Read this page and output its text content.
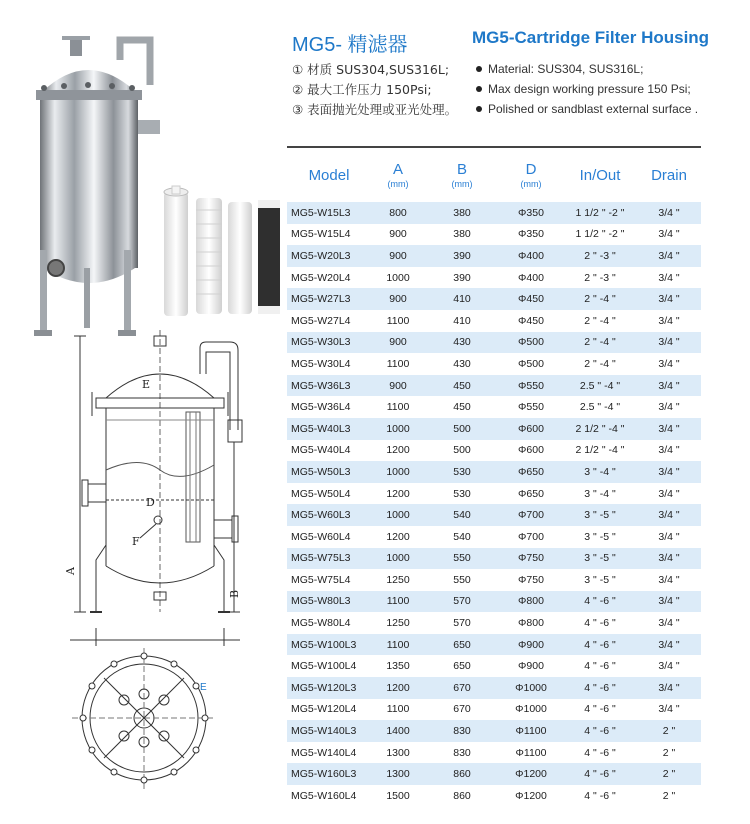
E
D
F
A
B
E
MG5- 精滤器	MG5-Cartridge Filter Housing
① 材质 SUS304,SUS316L;
② 最大工作压力 150Psi;
③ 表面抛光处理或亚光处理。
Material: SUS304, SUS316L;
Max design working pressure 150 Psi;
Polished or sandblast external surface .
Model	A
(mm)
B
(mm)
D
(mm)
In/Out	Drain
MG5-W15L3	800	380	Φ350	1 1/2 " -2 "	3/4 "
MG5-W15L4	900	380	Φ350	1 1/2 " -2 "	3/4 "
MG5-W20L3	900	390	Φ400	2 " -3 "	3/4 "
MG5-W20L4	1000	390	Φ400	2 " -3 "	3/4 "
MG5-W27L3	900	410	Φ450	2 " -4 "	3/4 "
MG5-W27L4	1100	410	Φ450	2 " -4 "	3/4 "
MG5-W30L3	900	430	Φ500	2 " -4 "	3/4 "
MG5-W30L4	1100	430	Φ500	2 " -4 "	3/4 "
MG5-W36L3	900	450	Φ550	2.5 " -4 "	3/4 "
MG5-W36L4	1100	450	Φ550	2.5 " -4 "	3/4 "
MG5-W40L3	1000	500	Φ600	2 1/2 " -4 "	3/4 "
MG5-W40L4	1200	500	Φ600	2 1/2 " -4 "	3/4 "
MG5-W50L3	1000	530	Φ650	3 " -4 "	3/4 "
MG5-W50L4	1200	530	Φ650	3 " -4 "	3/4 "
MG5-W60L3	1000	540	Φ700	3 " -5 "	3/4 "
MG5-W60L4	1200	540	Φ700	3 " -5 "	3/4 "
MG5-W75L3	1000	550	Φ750	3 " -5 "	3/4 "
MG5-W75L4	1250	550	Φ750	3 " -5 "	3/4 "
MG5-W80L3	1100	570	Φ800	4 " -6 "	3/4 "
MG5-W80L4	1250	570	Φ800	4 " -6 "	3/4 "
MG5-W100L3	1100	650	Φ900	4 " -6 "	3/4 "
MG5-W100L4	1350	650	Φ900	4 " -6 "	3/4 "
MG5-W120L3	1200	670	Φ1000	4 " -6 "	3/4 "
MG5-W120L4	1100	670	Φ1000	4 " -6 "	3/4 "
MG5-W140L3	1400	830	Φ1100	4 " -6 "	2 "
MG5-W140L4	1300	830	Φ1100	4 " -6 "	2 "
MG5-W160L3	1300	860	Φ1200	4 " -6 "	2 "
MG5-W160L4	1500	860	Φ1200	4 " -6 "	2 "
